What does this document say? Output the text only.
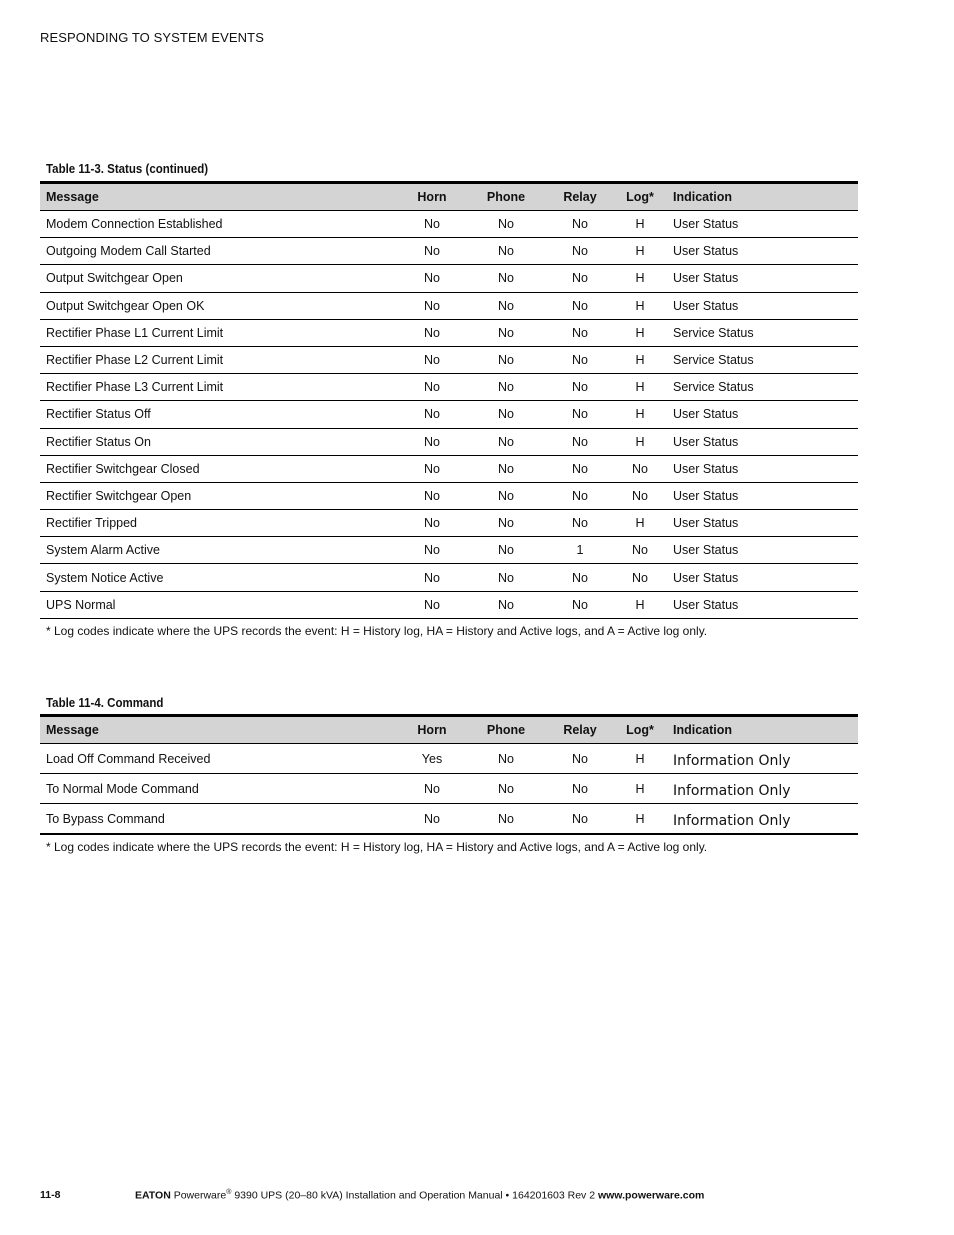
RESPONDING TO SYSTEM EVENTS
Table 11-3. Status (continued)
Message	Horn	Phone	Relay	Log*	Indication
Modem Connection Established	No	No	No	H	User Status
Outgoing Modem Call Started	No	No	No	H	User Status
Output Switchgear Open	No	No	No	H	User Status
Output Switchgear Open OK	No	No	No	H	User Status
Rectifier Phase L1 Current Limit	No	No	No	H	Service Status
Rectifier Phase L2 Current Limit	No	No	No	H	Service Status
Rectifier Phase L3 Current Limit	No	No	No	H	Service Status
Rectifier Status Off	No	No	No	H	User Status
Rectifier Status On	No	No	No	H	User Status
Rectifier Switchgear Closed	No	No	No	No	User Status
Rectifier Switchgear Open	No	No	No	No	User Status
Rectifier Tripped	No	No	No	H	User Status
System Alarm Active	No	No	1	No	User Status
System Notice Active	No	No	No	No	User Status
UPS Normal	No	No	No	H	User Status
* Log codes indicate where the UPS records the event: H = History log, HA = History and Active logs, and A = Active log only.
Table 11-4. Command
Message	Horn	Phone	Relay	Log*	Indication
Load Off Command Received	Yes	No	No	H	Information Only
To Normal Mode Command	No	No	No	H	Information Only
To Bypass Command	No	No	No	H	Information Only
* Log codes indicate where the UPS records the event: H = History log, HA = History and Active logs, and A = Active log only.
11-8	EATON Powerware® 9390 UPS (20–80 kVA) Installation and Operation Manual • 164201603 Rev 2 www.powerware.com
